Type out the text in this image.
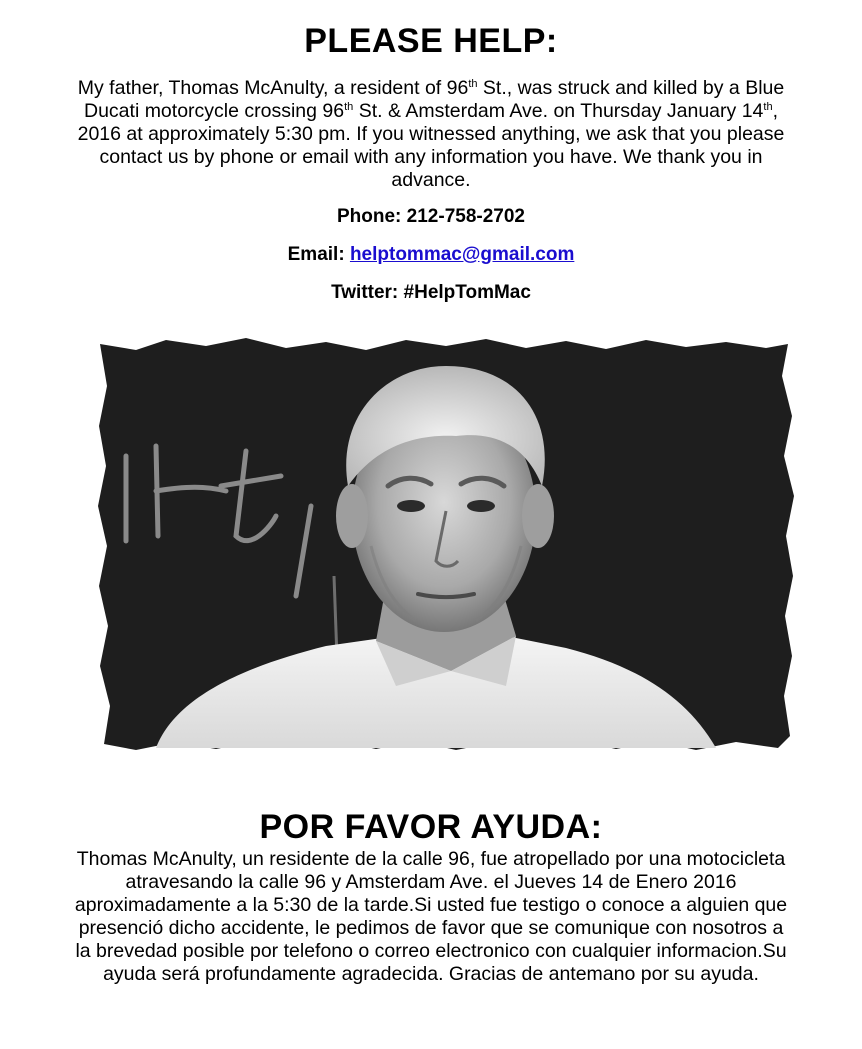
PLEASE HELP:
My father, Thomas McAnulty, a resident of 96th St., was struck and killed by a Blue Ducati motorcycle crossing 96th St. & Amsterdam Ave. on Thursday January 14th, 2016 at approximately 5:30 pm. If you witnessed anything, we ask that you please contact us by phone or email with any information you have. We thank you in advance.
Phone: 212-758-2702
Email: helptommac@gmail.com
Twitter: #HelpTomMac
POR FAVOR AYUDA:
Thomas McAnulty, un residente de la calle 96, fue atropellado por una motocicleta atravesando la calle 96 y Amsterdam Ave. el Jueves 14 de Enero 2016 aproximadamente a la 5:30 de la tarde.Si usted fue testigo o conoce a alguien que presenció dicho accidente, le pedimos de favor que se comunique con nosotros a la brevedad posible por telefono o correo electronico con cualquier informacion.Su ayuda será profundamente agradecida. Gracias de antemano por su ayuda.
